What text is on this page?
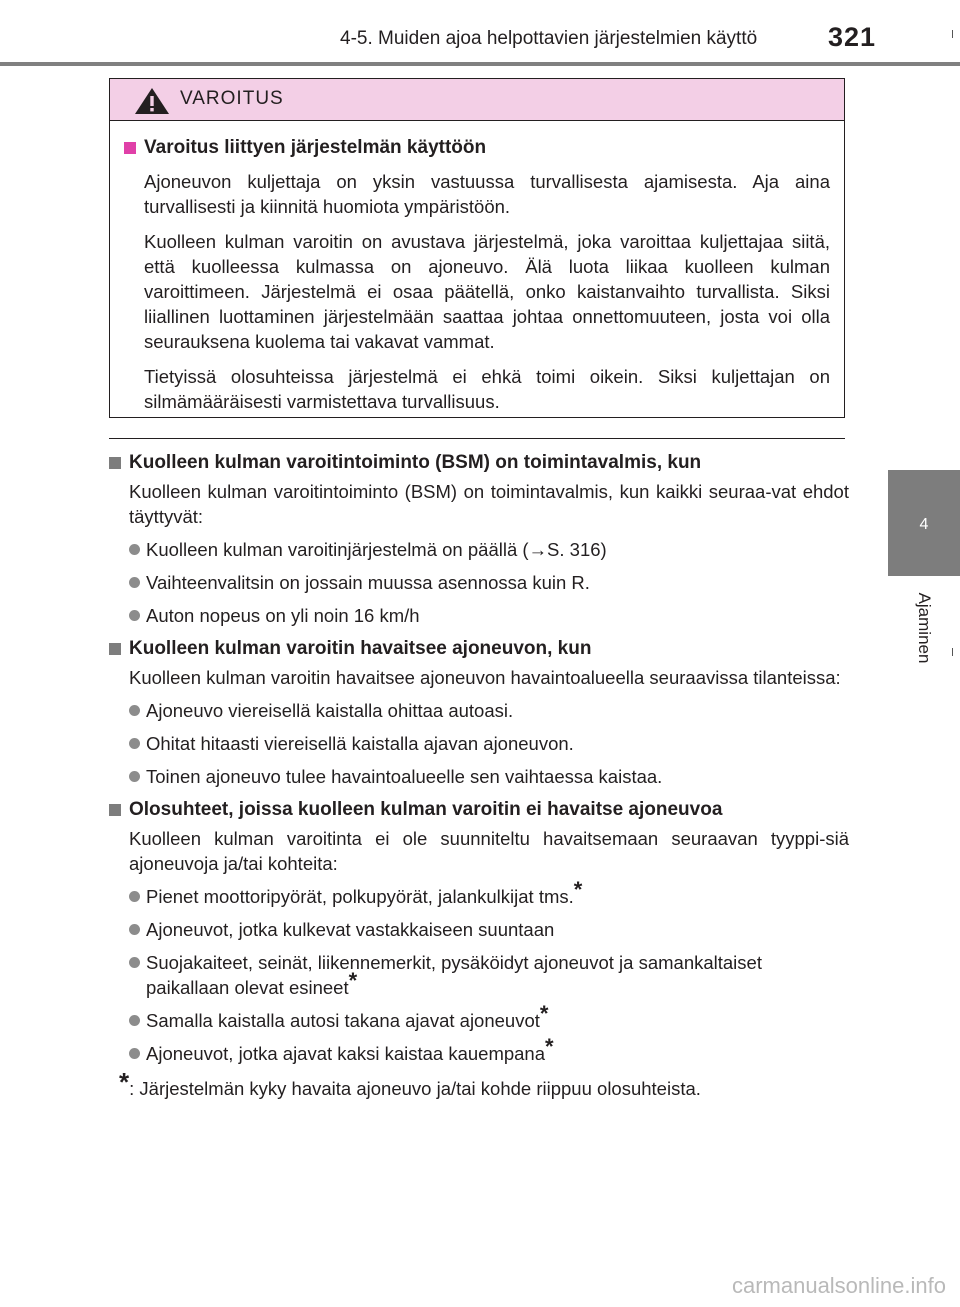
4-5. Muiden ajoa helpottavien järjestelmien käyttö	321
4
Ajaminen
VAROITUS
Varoitus liittyen järjestelmän käyttöön
Ajoneuvon kuljettaja on yksin vastuussa turvallisesta ajamisesta. Aja aina turvallisesti ja kiinnitä huomiota ympäristöön.
Kuolleen kulman varoitin on avustava järjestelmä, joka varoittaa kuljettajaa siitä, että kuolleessa kulmassa on ajoneuvo. Älä luota liikaa kuolleen kulman varoittimeen. Järjestelmä ei osaa päätellä, onko kaistanvaihto turvallista. Siksi liiallinen luottaminen järjestelmään saattaa johtaa onnettomuuteen, josta voi olla seurauksena kuolema tai vakavat vammat.
Tietyissä olosuhteissa järjestelmä ei ehkä toimi oikein. Siksi kuljettajan on silmämääräisesti varmistettava turvallisuus.
Kuolleen kulman varoitintoiminto (BSM) on toimintavalmis, kun
Kuolleen kulman varoitintoiminto (BSM) on toimintavalmis, kun kaikki seuraa-vat ehdot täyttyvät:
Kuolleen kulman varoitinjärjestelmä on päällä (→S. 316)
Vaihteenvalitsin on jossain muussa asennossa kuin R.
Auton nopeus on yli noin 16 km/h
Kuolleen kulman varoitin havaitsee ajoneuvon, kun
Kuolleen kulman varoitin havaitsee ajoneuvon havaintoalueella seuraavissa tilanteissa:
Ajoneuvo viereisellä kaistalla ohittaa autoasi.
Ohitat hitaasti viereisellä kaistalla ajavan ajoneuvon.
Toinen ajoneuvo tulee havaintoalueelle sen vaihtaessa kaistaa.
Olosuhteet, joissa kuolleen kulman varoitin ei havaitse ajoneuvoa
Kuolleen kulman varoitinta ei ole suunniteltu havaitsemaan seuraavan tyyppi-siä ajoneuvoja ja/tai kohteita:
Pienet moottoripyörät, polkupyörät, jalankulkijat tms.*
Ajoneuvot, jotka kulkevat vastakkaiseen suuntaan
Suojakaiteet, seinät, liikennemerkit, pysäköidyt ajoneuvot ja samankaltaiset paikallaan olevat esineet*
Samalla kaistalla autosi takana ajavat ajoneuvot*
Ajoneuvot, jotka ajavat kaksi kaistaa kauempana*
*: Järjestelmän kyky havaita ajoneuvo ja/tai kohde riippuu olosuhteista.
carmanualsonline.info
